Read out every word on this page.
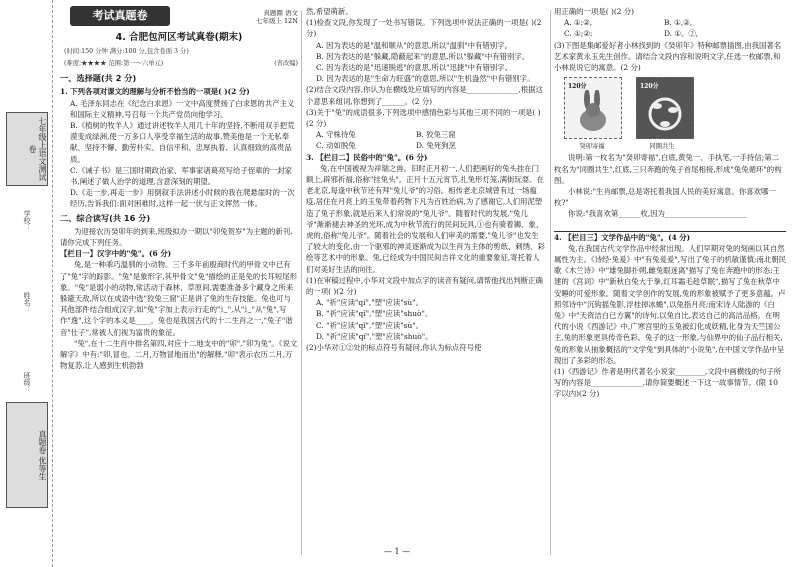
七年级上语文测试卷
学校：
姓名：
班级：
真题卷 优等生
考试真题卷	真题圈 语文
七年级上 12N
4. 合肥包河区考试真卷(期末)
(时间:150 分钟 满分:100 分,包含卷面 3 分)
(难度:★★★★ 范围:第一～六单元)	(省改编)
一、选择题(共 2 分)

1. 下列各项对课文的理解与分析不恰当的一项是( )(2 分)

A. 毛泽东同志在《纪念白求恩》一文中高度赞扬了白求恩的共产主义和国际主义精神,号召每一个共产党员向他学习。

B.《植树的牧羊人》通过讲述牧羊人用几十年的坚持,不断用双手把荒漠变成绿洲,使一万多口人享受幸福生活的故事,赞美他是一个无私奉献、坚持不懈、勤劳朴实、自信平和、忠厚执着、认真细致的高贵品质。

C.《诫子书》是三国时期政治家、军事家诸葛亮写给子侄辈的一封家书,阐述了做人治学的道理,含意深刻的期望。

D.《走一步,再走一步》用倒叙手法讲述小时候的我在爬悬崖时的一次经历,告诉我们:面对困难时,这样一起一伏与正文挥然一体。

二、综合读写(共 16 分)

为迎接农历癸卯年的到来,班级拟办一期以"卯兔贺岁"为主题的新刊,请你完成下列任务。

【栏目一】汉字中的"兔"。(6 分)

兔,是一种乖巧温驯的小动物。三千多年前殷商时代的甲骨文中已有了"兔"字的踪影。"兔"是象形字,其甲骨文"免"描绘的正是免的长耳短尾形象。"兔"是弱小的动物,常活动于森林、草原间,需要准备多个藏身之所来躲避天敌,所以在成语中选"狡兔三窟"正是讲了兔的生存技能。兔也可与其他部件结合组成汉字,如"兔"字加上表示行走的"辶",从"辶"从"兔",写作"逸",这个字的本义是____。兔也是我国古代的十二生肖之一,"兔子"谐音"仕子",常被人们视为富贵的象征。

"兔",在十二生肖中排名第四,对应十二地支中的"卯","卯为兔"。《说文解字》中有:"卯,冒也。二月,万物冒地而出"的解释,"卯"表示农历二月,万物复苏,让人感到生机勃勃

然,希望萌新。

(1)检查文段,你发现了一处书写错误。下列选项中说法正确的一项是( )(2 分)

A. 因为表达的是"温和顺从"的意思,所以"温驯"中有错别字。

B. 因为表达的是"躲藏,隐蔽起来"的意思,所以"躲藏"中有错别字。

C. 因为表达的是"迅速脱逃"的意思,所以"迅捷"中有错别字。

D. 因为表达的是"生命力旺盛"的意思,所以"生机盎然"中有错别字。

(2)结合文段内容,你认为在横线处应填写的内容是______________,根据这个意思来组词,你想到了______。(2 分)

(3)关于"兔"的成语很多,下列选项中感情色彩与其他三项不同的一项是( )(2 分)

A. 守株待兔	B. 狡兔三窟

C. 动如脱兔	D. 兔死狗烹

3. 【栏目二】民俗中的"兔"。(6 分)

兔,在中国被视为祥瑞之兽。旧时正月初一,人们把画好的兔头挂在门额上,辟邪祈福,俗称"挂兔头"。正月十五元宵节,扎兔形灯笼,满街玩耍。在老北京,每逢中秋节还有拜"兔儿爷"的习俗。相传老北京城曾有过一场瘟疫,居住在月亮上的玉兔带着药物下凡为百姓治病,为了感谢它,人们用泥塑造了兔子形象,就是后来人们常说的"兔儿爷"。随着时代的发展,"兔儿爷"渐渐褪去神圣的光环,成为中秋节流行的民间玩具,①也有骑着狮、象、虎的,俗称"兔儿爷"。随着社会的发展和人们审美的需要,"兔儿爷"也发生了较大的变化,由一个驱邪的神灵逐渐成为以生肖为主体的剪纸、刺绣、彩绘等艺术中的形象。兔,已经成为中国民间吉祥文化的重要象征,寄托着人们对美好生活的向往。

(1)在审稿过程中,小华对文段中加点字的读音有疑问,请帮他找出判断正确的一项( )(2 分)

A. "祈"应读"qí","塑"应读"sù"。

B. "祈"应读"qǐ","塑"应读"shuò"。

C. "祈"应读"qǐ","塑"应读"sù"。

D. "祈"应读"qí","塑"应读"shuò"。

(2)小华对①②处的标点符号有疑问,你认为标点符号使

用正确的一项是( )(2 分)

A. ①:②,	B. ①,②,

C. ①;②:	D. ①。②,

(3)下图是集邮爱好者小林找到的《癸卯年》特种邮票插图,由我国著名艺术家黄永玉先生创作。请结合文段内容和说明文字,任选一枚邮票,和小林说说它的寓意。(2 分)

120分	120分
癸卯寄福	同圈共生

说明:第一枚名为"癸卯寄福",白底,黄兔一、手执笔,一手持信;第二枚名为"同圈共生",红底,三只奔跑的兔子首尾相接,形成"兔兔循环"的构图。

小林说:"生肖邮票,总是寄托着我国人民的美好寓意。你喜欢哪一枚?"

你说:"我喜欢第______枚,因为______________________

4. 【栏目三】文学作品中的"兔"。(4 分)

兔,在我国古代文学作品中经常出现。人们早期对兔的刻画以其自然属性为主。《诗经·兔爰》中"有兔爰爰",写出了兔子的机敏谨慎;南北朝民歌《木兰诗》中"雄兔脚扑朔,雌兔眼迷离"描写了兔在奔跑中的形态;王建的《宫词》中"新秋白兔大于拳,红耳霜毛趁草眠",描写了兔在秋草中安睡的可爱形象。随着文学创作的发展,兔的形象被赋予了更多意蕴。卢照邻诗中"沉钩摇兔影,浮桂掉冰蟾",以兔指月亮;南宋诗人陆游的《白兔》中"天资洁白已方翼"的诗句,以兔自比,表达自己的高洁品格。在明代的小说《西游记》中,广寒宫里的玉兔被幻化成妖精,化身为天竺国公主,兔的形象更具传奇色彩。兔子的这一形象,与仙界中的仙子品行相关,兔的形象从抽象概括的"文学兔"到具体的"小说兔",在中国文学作品中呈现出了多彩的形态。

(1)《西游记》作者是明代著名小说家________,文段中画横线的句子所写的内容是______________,请你简要概述一下这一故事情节。(限 10 字以内)(2 分)

— 1 —
